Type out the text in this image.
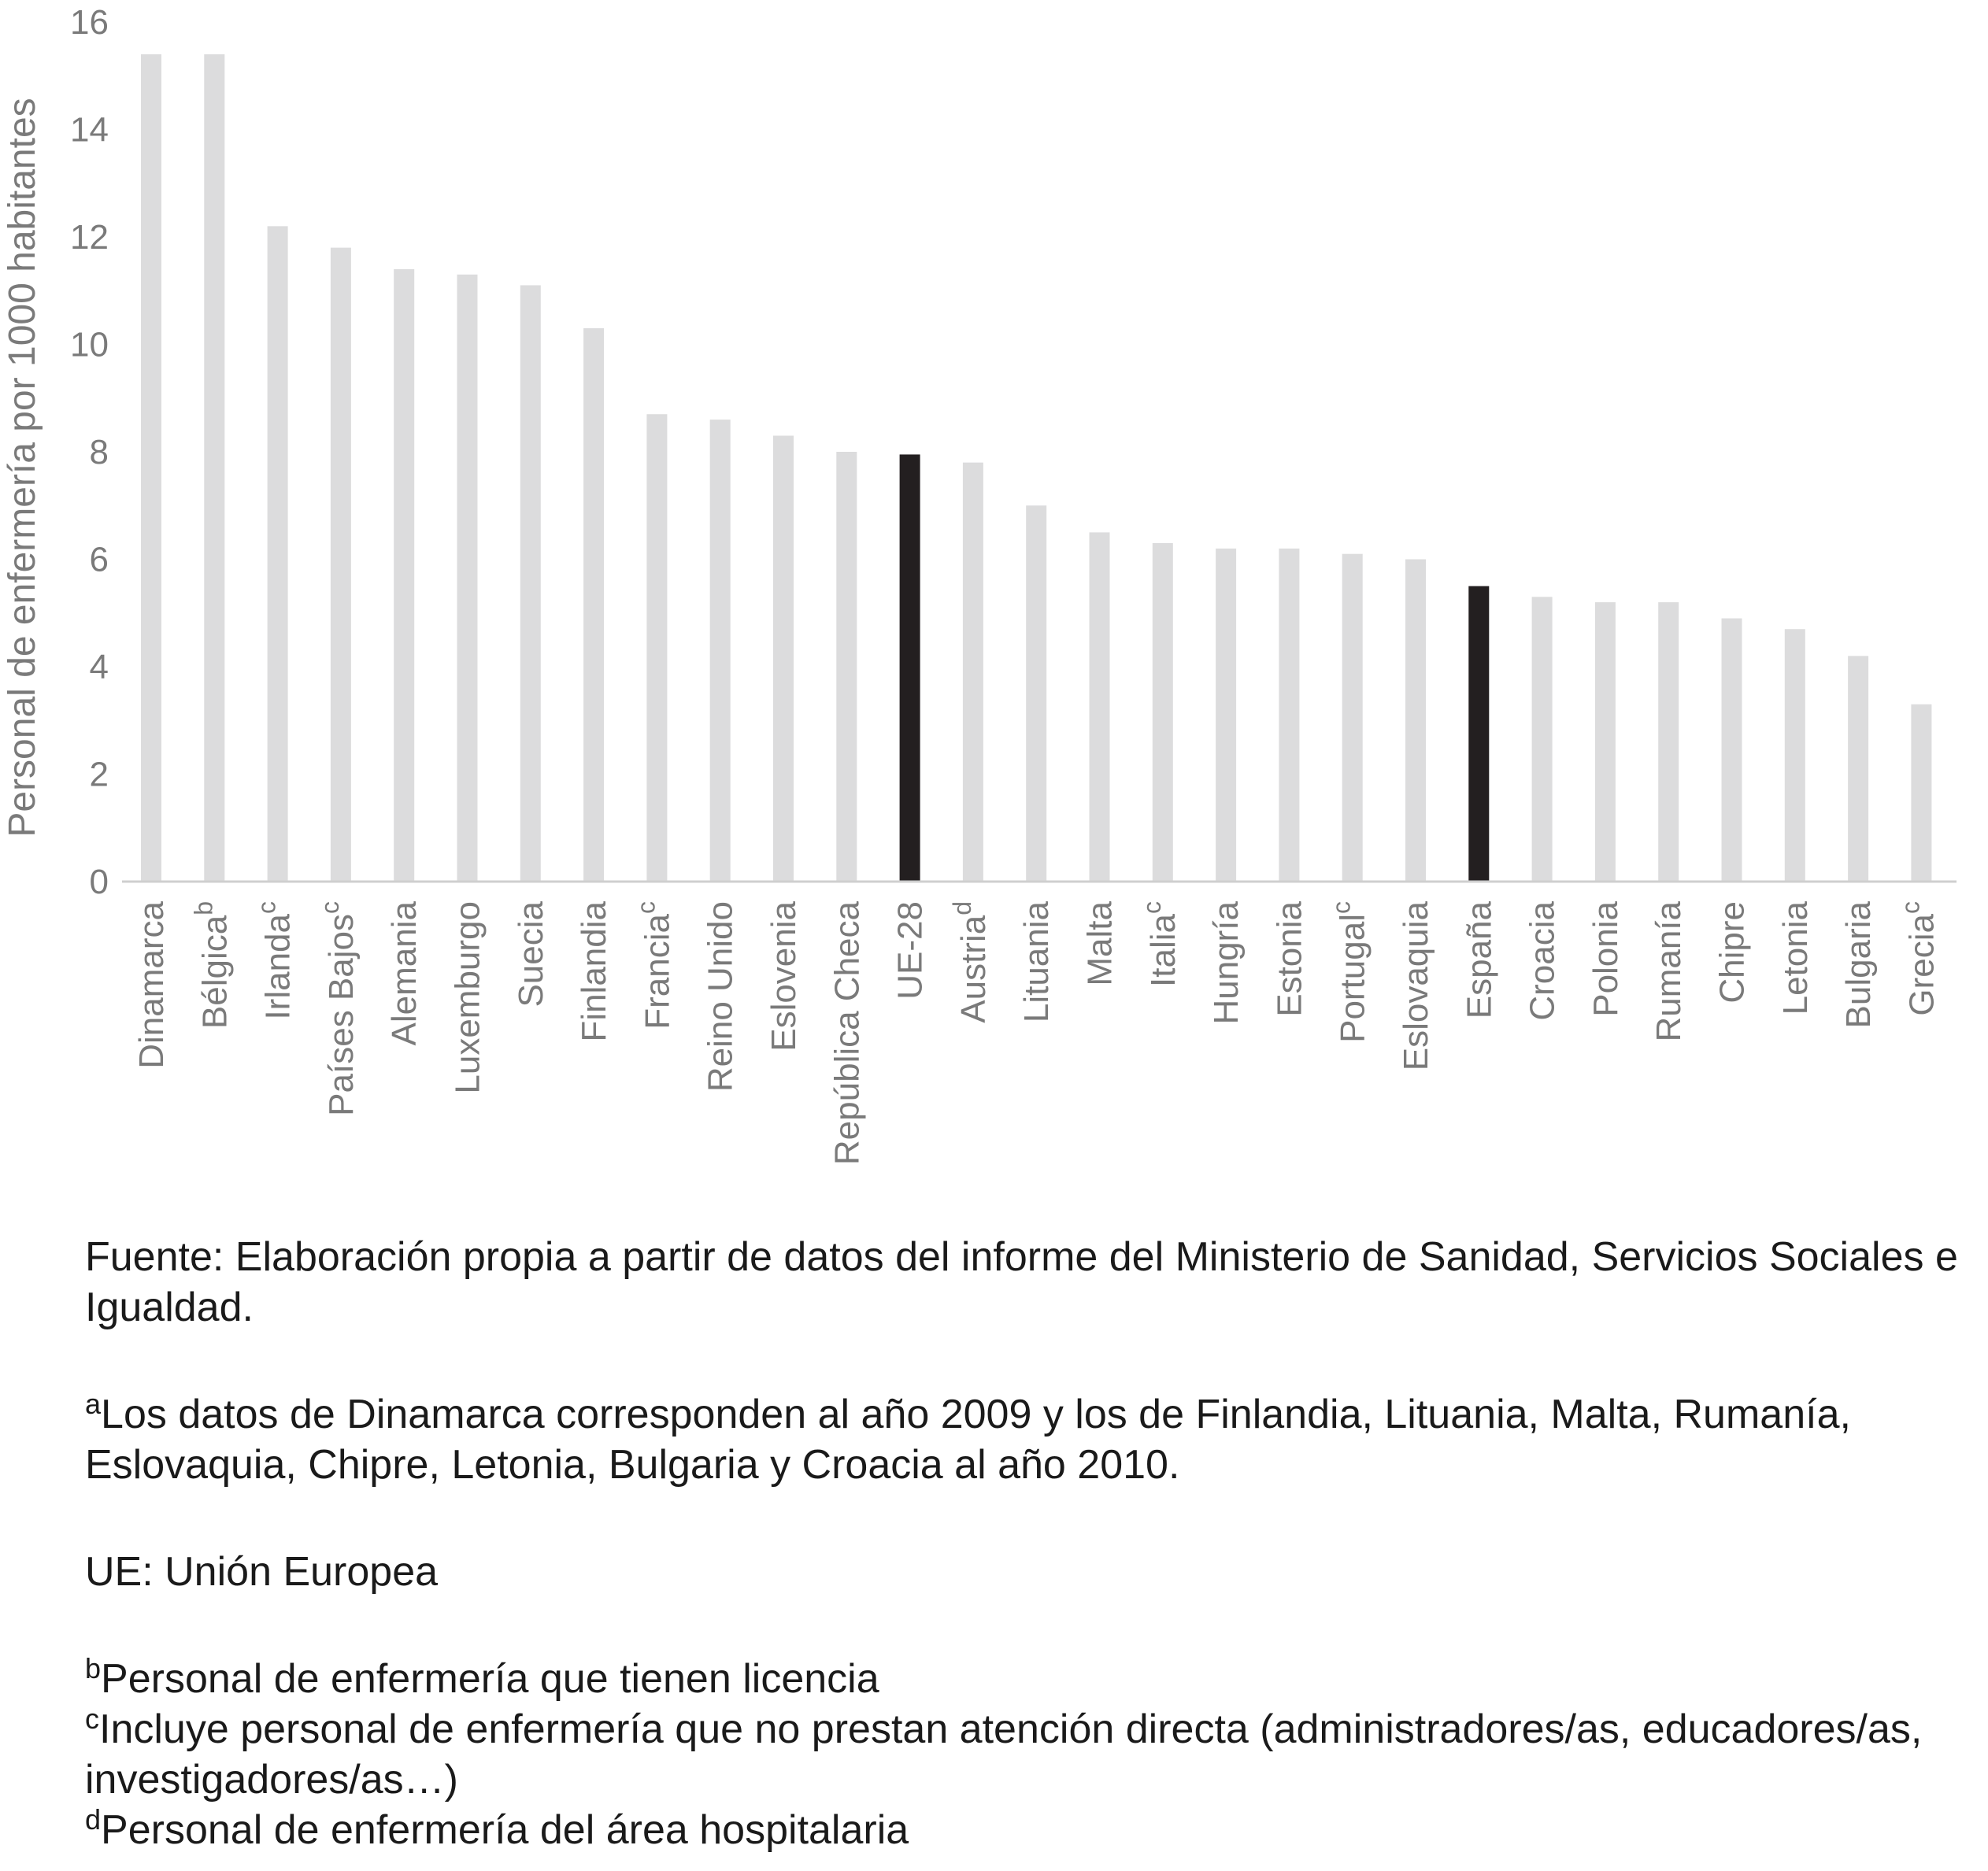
Personal de enfermería por 1000 habitantes
0
2
4
6
8
10
12
14
16
Dinamarca Bélgica$^b$
Irlanda$^c$
Países Bajos$^c$	Alemania Luxemburgo Suecia Finlandia Francia$^c$	Reino Unido Eslovenia República Checa UE-28 Austria$^d$	Lituania Malta Italia$^c$	Hungría Estonia Portugal$^c$	Eslovaquia España Croacia Polonia Rumanía Chipre Letonia Bulgaria Grecia$^c$

Fuente: Elaboración propia a partir de datos del informe del Ministerio de Sanidad, Servicios Sociales e Igualdad.

$^a$Los datos de Dinamarca corresponden al año 2009 y los de Finlandia, Lituania, Malta, Rumanía, Eslovaquia, Chipre, Letonia, Bulgaria y Croacia al año 2010.

UE: Unión Europea

$^b$Personal de enfermería que tienen licencia

$^c$Incluye personal de enfermería que no prestan atención directa (administradores/as, educadores/as, investigadores/as…)

$^d$Personal de enfermería del área hospitalaria
